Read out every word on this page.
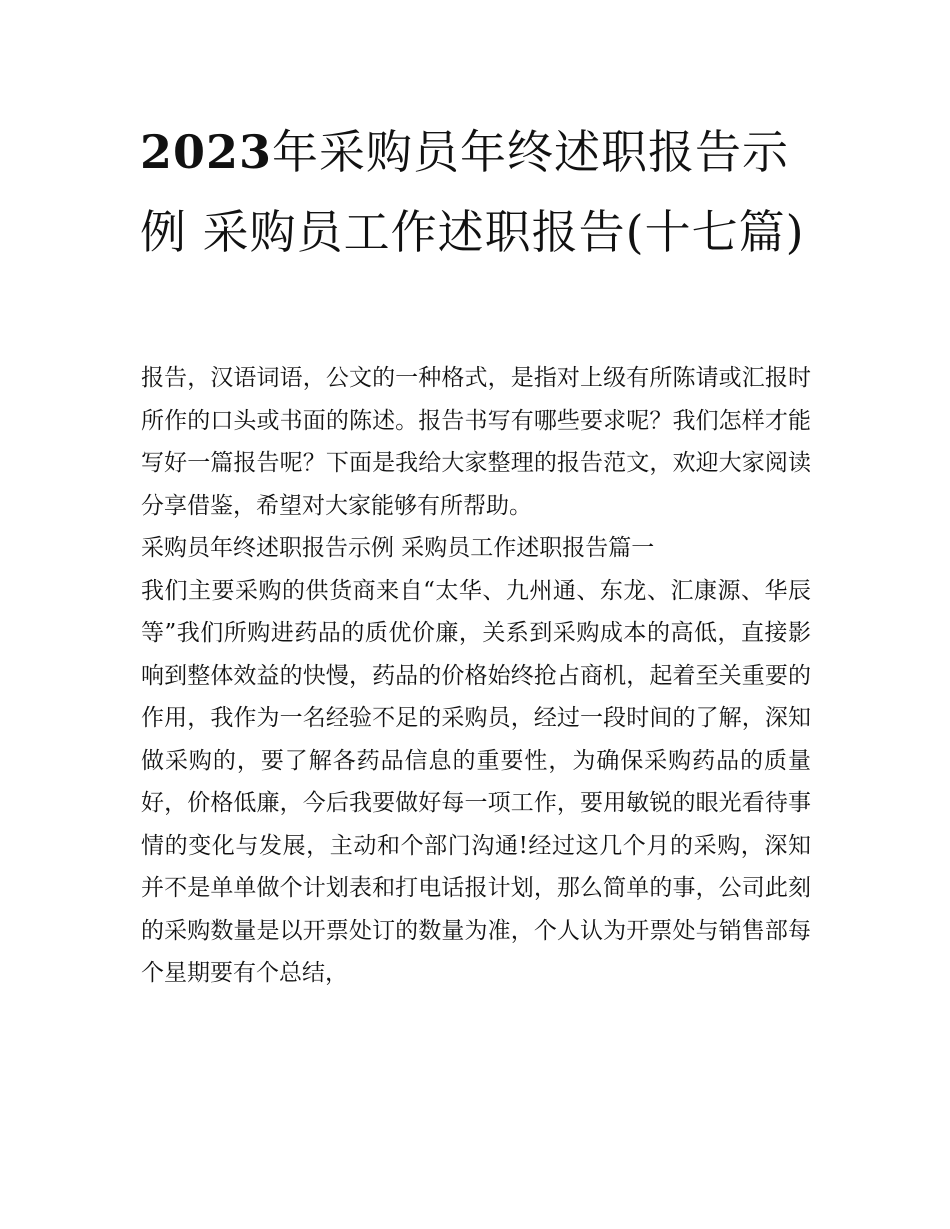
2023年采购员年终述职报告示例 采购员工作述职报告(十七篇)

报告，汉语词语，公文的一种格式，是指对上级有所陈请或汇报时所作的口头或书面的陈述。报告书写有哪些要求呢？我们怎样才能写好一篇报告呢？下面是我给大家整理的报告范文，欢迎大家阅读分享借鉴，希望对大家能够有所帮助。

采购员年终述职报告示例 采购员工作述职报告篇一

我们主要采购的供货商来自“太华、九州通、东龙、汇康源、华辰等”我们所购进药品的质优价廉，关系到采购成本的高低，直接影响到整体效益的快慢，药品的价格始终抢占商机，起着至关重要的作用，我作为一名经验不足的采购员，经过一段时间的了解，深知做采购的，要了解各药品信息的重要性，为确保采购药品的质量好，价格低廉，今后我要做好每一项工作，要用敏锐的眼光看待事情的变化与发展，主动和个部门沟通!经过这几个月的采购，深知并不是单单做个计划表和打电话报计划，那么简单的事，公司此刻的采购数量是以开票处订的数量为准，个人认为开票处与销售部每个星期要有个总结，
